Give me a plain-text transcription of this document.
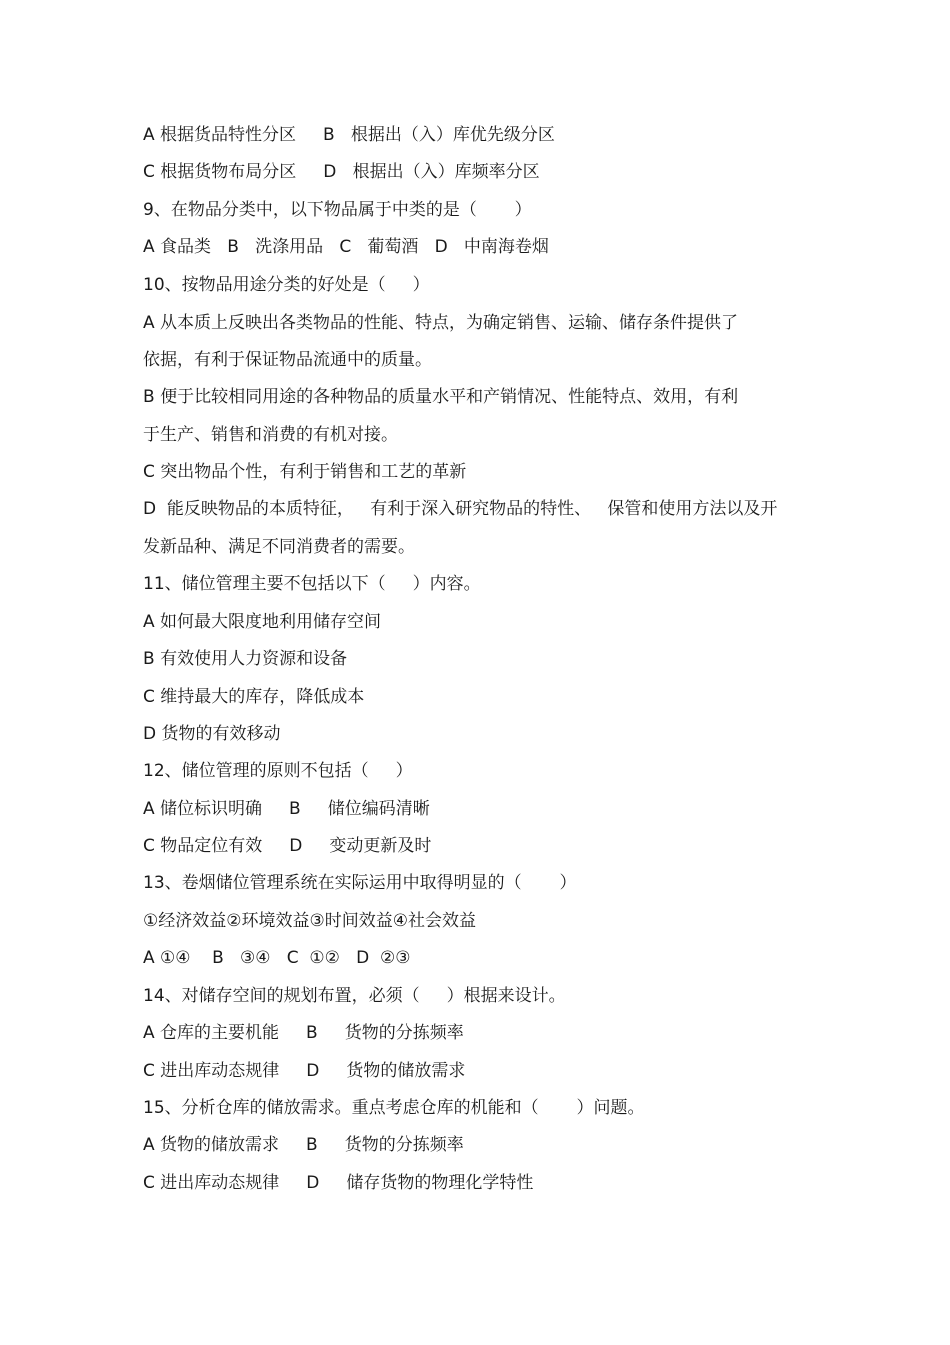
A 根据货品特性分区     B   根据出（入）库优先级分区
C 根据货物布局分区     D   根据出（入）库频率分区
9、在物品分类中，以下物品属于中类的是（       ）
A 食品类   B   洗涤用品   C   葡萄酒   D   中南海卷烟
10、按物品用途分类的好处是（     ）
A 从本质上反映出各类物品的性能、特点，为确定销售、运输、储存条件提供了
依据，有利于保证物品流通中的质量。
B 便于比较相同用途的各种物品的质量水平和产销情况、性能特点、效用，有利
于生产、销售和消费的有机对接。
C 突出物品个性，有利于销售和工艺的革新
D  能反映物品的本质特征，   有利于深入研究物品的特性、   保管和使用方法以及开
发新品种、满足不同消费者的需要。
11、储位管理主要不包括以下（     ）内容。
A 如何最大限度地利用储存空间
B 有效使用人力资源和设备
C 维持最大的库存，降低成本
D 货物的有效移动
12、储位管理的原则不包括（     ）
A 储位标识明确     B     储位编码清晰
C 物品定位有效     D     变动更新及时
13、卷烟储位管理系统在实际运用中取得明显的（       ）
①经济效益②环境效益③时间效益④社会效益
A ①④    B   ③④   C  ①②   D  ②③
14、对储存空间的规划布置，必须（     ）根据来设计。
A 仓库的主要机能     B     货物的分拣频率
C 进出库动态规律     D     货物的储放需求
15、分析仓库的储放需求。重点考虑仓库的机能和（       ）问题。
A 货物的储放需求     B     货物的分拣频率
C 进出库动态规律     D     储存货物的物理化学特性
